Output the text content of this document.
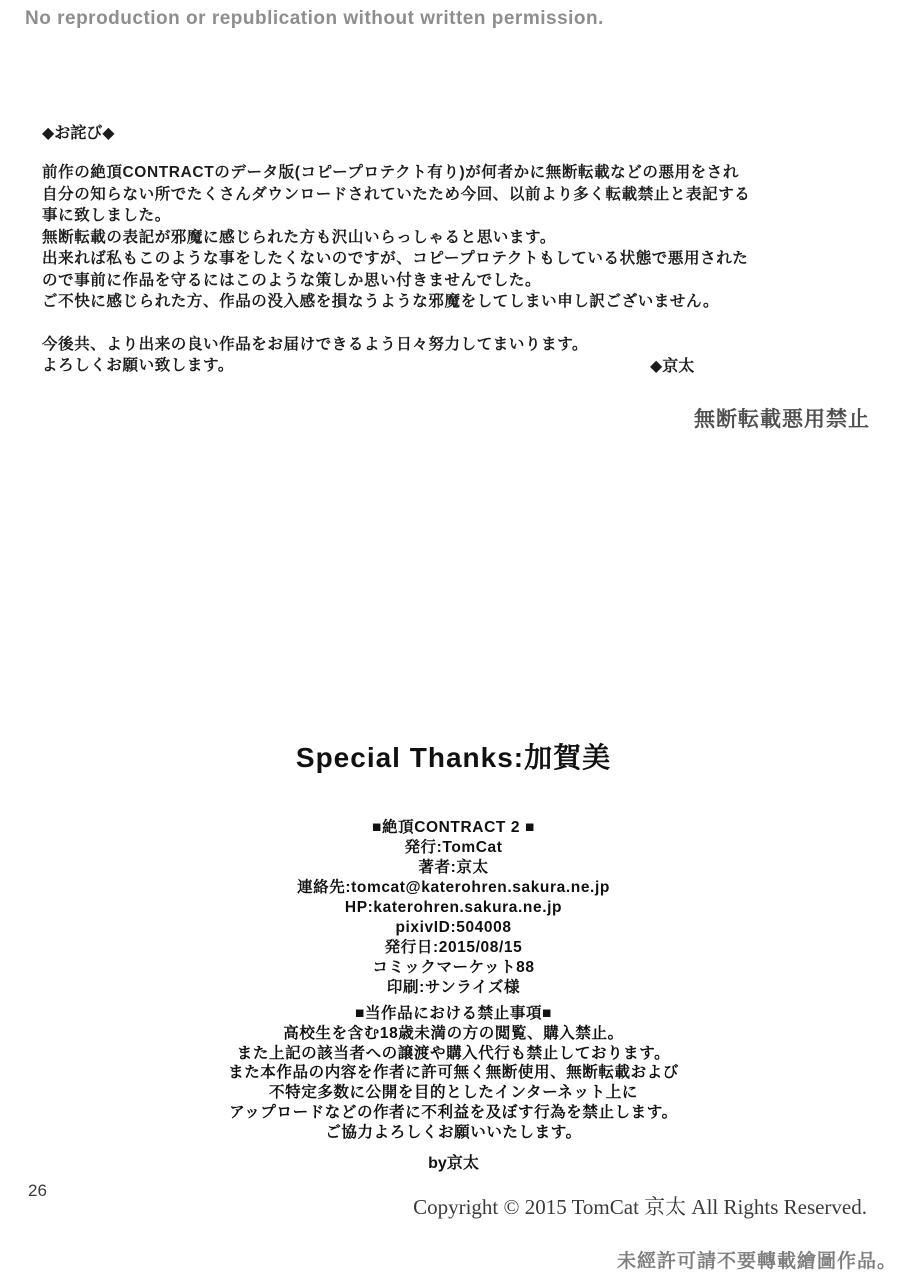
No reproduction or republication without written permission.
◆お詫び◆
前作の絶頂CONTRACTのデータ版(コピープロテクト有り)が何者かに無断転載などの悪用をされ
自分の知らない所でたくさんダウンロードされていたため今回、以前より多く転載禁止と表記する
事に致しました。
無断転載の表記が邪魔に感じられた方も沢山いらっしゃると思います。
出来れば私もこのような事をしたくないのですが、コピープロテクトもしている状態で悪用された
ので事前に作品を守るにはこのような策しか思い付きませんでした。
ご不快に感じられた方、作品の没入感を損なうような邪魔をしてしまい申し訳ございません。
今後共、より出来の良い作品をお届けできるよう日々努力してまいります。
よろしくお願い致します。	◆京太
無断転載悪用禁止
Special Thanks:加賀美
■絶頂CONTRACT 2 ■
発行:TomCat
著者:京太
連絡先:tomcat@katerohren.sakura.ne.jp
HP:katerohren.sakura.ne.jp
pixivID:504008
発行日:2015/08/15
コミックマーケット88
印刷:サンライズ様
■当作品における禁止事項■
高校生を含む18歳未満の方の閲覧、購入禁止。
また上記の該当者への譲渡や購入代行も禁止しております。
また本作品の内容を作者に許可無く無断使用、無断転載および
不特定多数に公開を目的としたインターネット上に
アップロードなどの作者に不利益を及ぼす行為を禁止します。
ご協力よろしくお願いいたします。
by京太
26
Copyright © 2015 TomCat 京太 All Rights Reserved.
未經許可請不要轉載繪圖作品。
